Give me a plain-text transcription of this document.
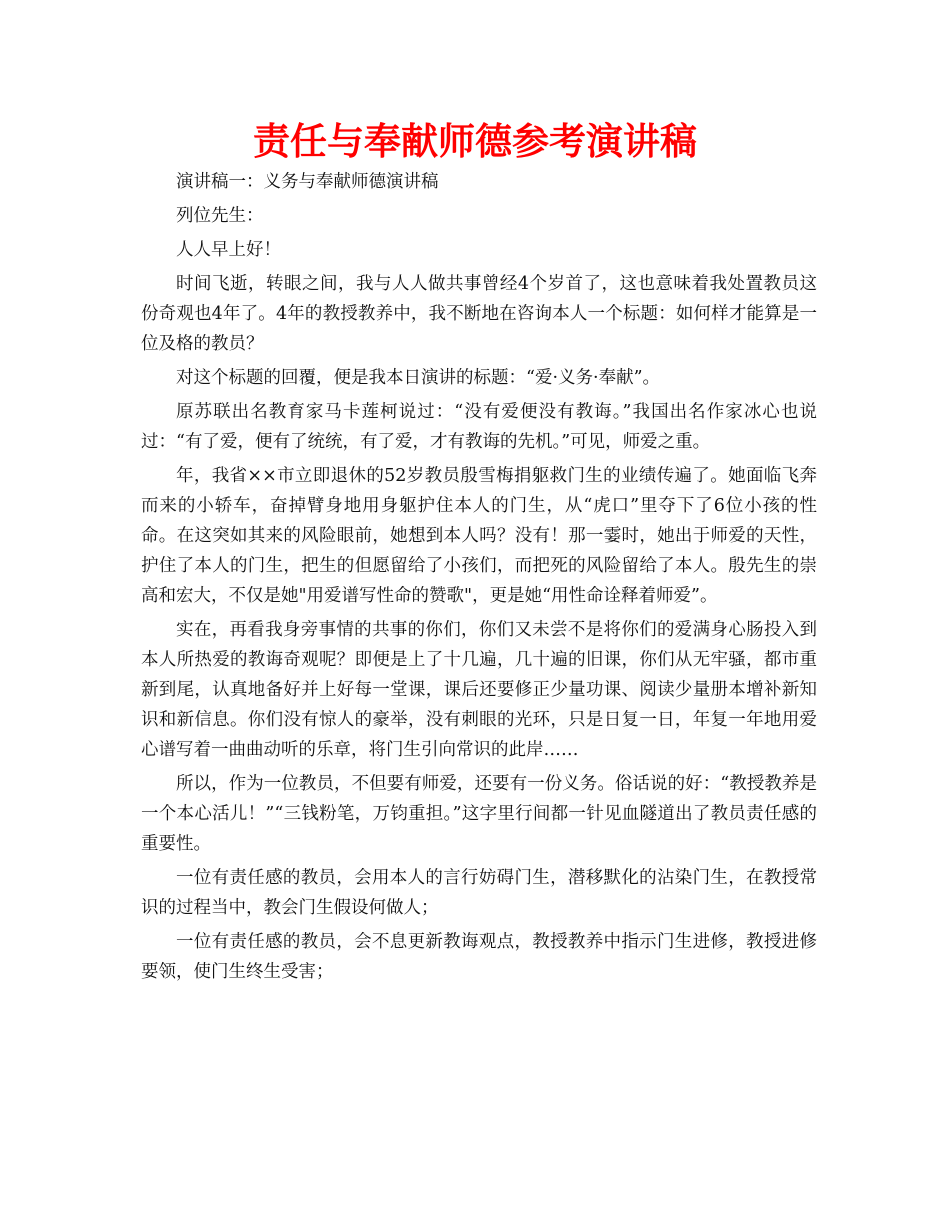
责任与奉献师德参考演讲稿

演讲稿一：义务与奉献师德演讲稿

列位先生：

人人早上好！

时间飞逝，转眼之间，我与人人做共事曾经4个岁首了，这也意味着我处置教员这份奇观也4年了。4年的教授教养中，我不断地在咨询本人一个标题：如何样才能算是一位及格的教员？

对这个标题的回覆，便是我本日演讲的标题：“爱·义务·奉献”。

原苏联出名教育家马卡莲柯说过：“没有爱便没有教诲。”我国出名作家冰心也说过：“有了爱，便有了统统，有了爱，才有教诲的先机。”可见，师爱之重。

年，我省××市立即退休的52岁教员殷雪梅捐躯救门生的业绩传遍了。她面临飞奔而来的小轿车，奋掉臂身地用身躯护住本人的门生，从“虎口”里夺下了6位小孩的性命。在这突如其来的风险眼前，她想到本人吗？没有！那一霎时，她出于师爱的天性，护住了本人的门生，把生的但愿留给了小孩们，而把死的风险留给了本人。殷先生的崇高和宏大，不仅是她"用爱谱写性命的赞歌"，更是她“用性命诠释着师爱”。

实在，再看我身旁事情的共事的你们，你们又未尝不是将你们的爱满身心肠投入到本人所热爱的教诲奇观呢？即便是上了十几遍，几十遍的旧课，你们从无牢骚，都市重新到尾，认真地备好并上好每一堂课，课后还要修正少量功课、阅读少量册本增补新知识和新信息。你们没有惊人的豪举，没有刺眼的光环，只是日复一日，年复一年地用爱心谱写着一曲曲动听的乐章，将门生引向常识的此岸……

所以，作为一位教员，不但要有师爱，还要有一份义务。俗话说的好：“教授教养是一个本心活儿！”“三钱粉笔，万钧重担。”这字里行间都一针见血隧道出了教员责任感的重要性。

一位有责任感的教员，会用本人的言行妨碍门生，潜移默化的沾染门生，在教授常识的过程当中，教会门生假设何做人；

一位有责任感的教员，会不息更新教诲观点，教授教养中指示门生进修，教授进修要领，使门生终生受害；
